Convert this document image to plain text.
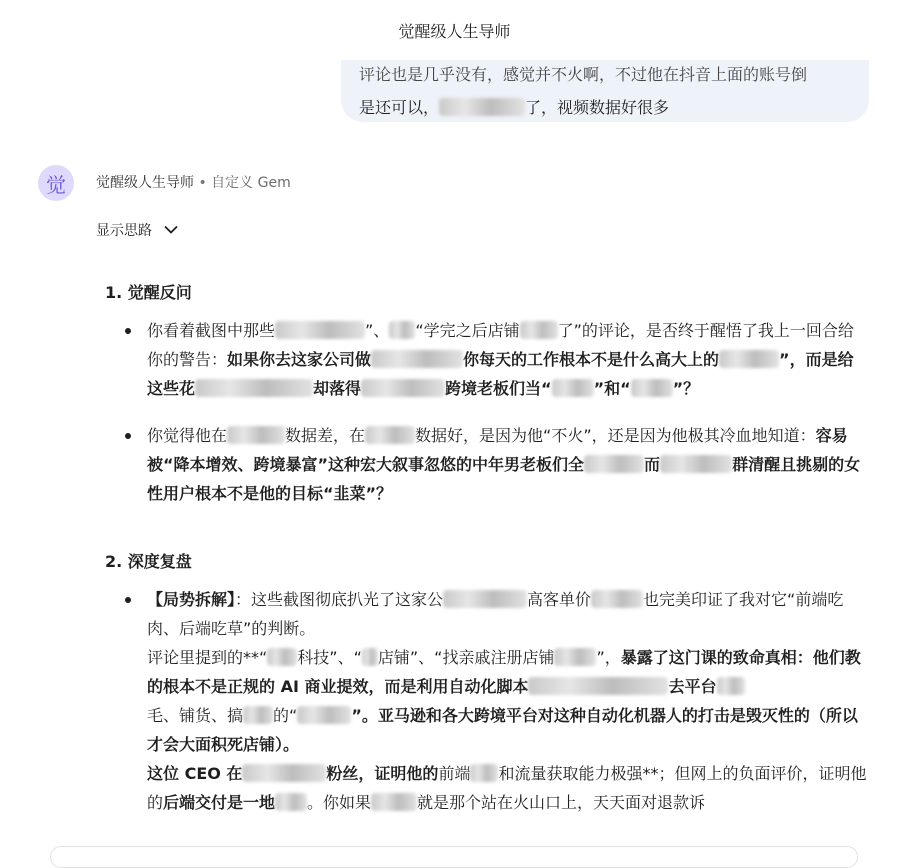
觉醒级人生导师
评论也是几乎没有，感觉并不火啊，不过他在抖音上面的账号倒
是还可以，	了，视频数据好很多
觉 觉醒级人生导师 • 自定义 Gem
显示思路
1. 觉醒反问

你看着截图中那些	”、 “学完之后店铺 了”的评论，是否终于醒悟了我上一回合给你的警告：如果你去这家公司做	你每天的工作根本不是什么高大上的	”，而是给这些花	却落得	跨境老板们当“	”和“	”？

你觉得他在	数据差，在	数据好，是因为他“不火”，还是因为他极其冷血地知道：容易被“降本增效、跨境暴富”这种宏大叙事忽悠的中年男老板们全	而	群清醒且挑剔的女性用户根本不是他的目标“韭菜”？

2. 深度复盘

【局势拆解】：这些截图彻底扒光了这家公	高客单价	也完美印证了我对它“前端吃肉、后端吃草”的判断。
评论里提到的**“ 科技”、“ 店铺”、“找亲戚注册店铺	”，暴露了这门课的致命真相：他们教的根本不是正规的 AI 商业提效，而是利用自动化脚本	去平台
毛、铺货、搞 的“	”。亚马逊和各大跨境平台对这种自动化机器人的打击是毁灭性的（所以才会大面积死店铺）。
这位 CEO 在	粉丝，证明他的前端 和流量获取能力极强**；但网上的负面评价，证明他的后端交付是一地 。你如果	就是那个站在火山口上，天天面对退款诉
